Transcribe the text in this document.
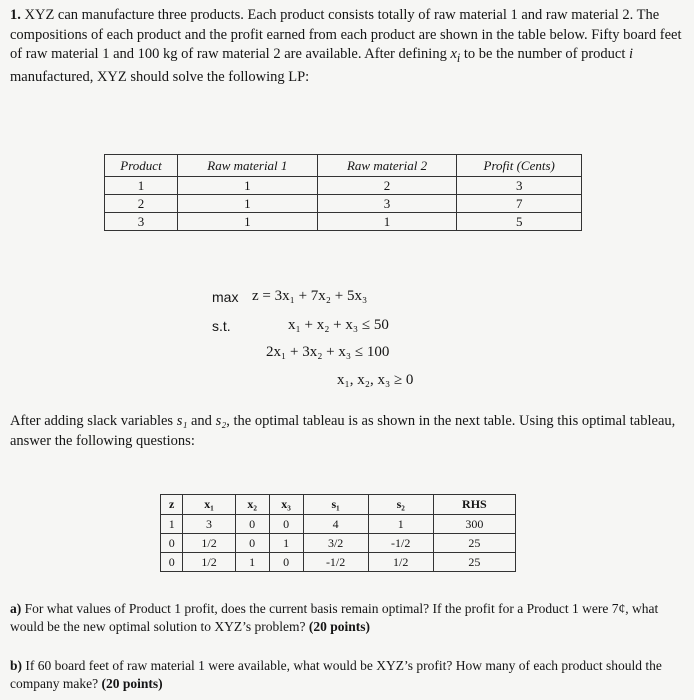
1. XYZ can manufacture three products. Each product consists totally of raw material 1 and raw material 2. The compositions of each product and the profit earned from each product are shown in the table below. Fifty board feet of raw material 1 and 100 kg of raw material 2 are available. After defining $x_i$ to be the number of product i manufactured, XYZ should solve the following LP:

Product	Raw material 1	Raw material 2	Profit (Cents)
1	1	2	3
2	1	3	7
3	1	1	5
max
s.t.
z = 3x₁ + 7x₂ + 5x₃
x₁ + x₂ + x₃ ≤ 50
2x₁ + 3x₂ + x₃ ≤ 100
x₁, x₂, x₃ ≥ 0

After adding slack variables s₁ and s₂, the optimal tableau is as shown in the next table. Using this optimal tableau, answer the following questions:

z	x₁	x₂	x₃	s₁	s₂	RHS
1	3	0	0	4	1	300
0	1/2	0	1	3/2	-1/2	25
0	1/2	1	0	-1/2	1/2	25

a) For what values of Product 1 profit, does the current basis remain optimal? If the profit for a Product 1 were 7¢, what would be the new optimal solution to XYZ’s problem? (20 points)

b) If 60 board feet of raw material 1 were available, what would be XYZ’s profit? How many of each product should the company make? (20 points)
